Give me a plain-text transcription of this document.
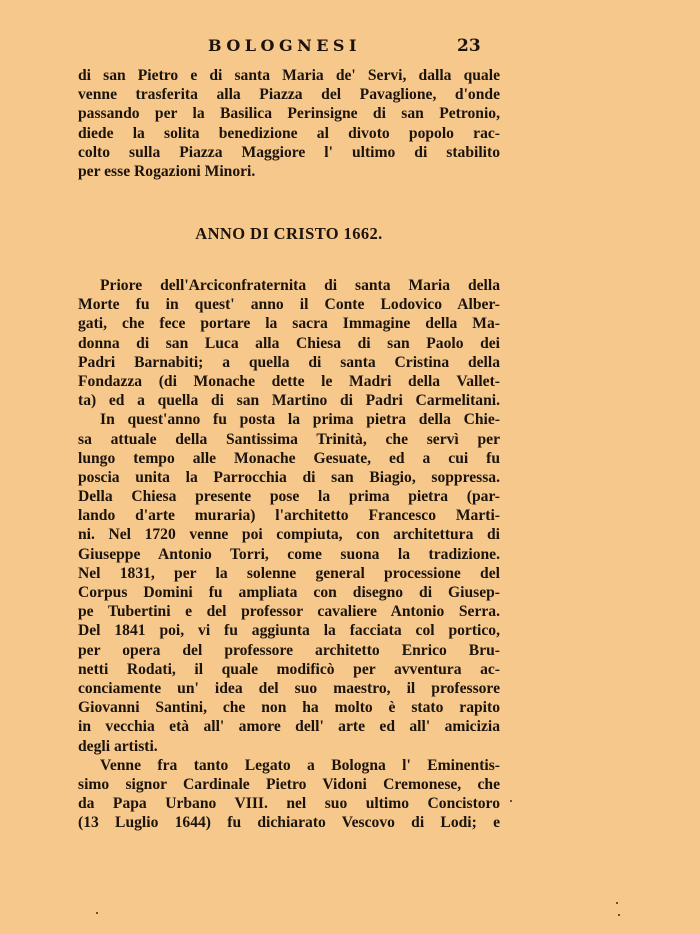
BOLOGNESI	23
di san Pietro e di santa Maria de' Servi, dalla quale
venne trasferita alla Piazza del Pavaglione, d'onde
passando per la Basilica Perinsigne di san Petronio,
diede la solita benedizione al divoto popolo rac-
colto sulla Piazza Maggiore l' ultimo di stabilito
per esse Rogazioni Minori.
ANNO DI CRISTO 1662.
Priore dell'Arciconfraternita di santa Maria della
Morte fu in quest' anno il Conte Lodovico Alber-
gati, che fece portare la sacra Immagine della Ma-
donna di san Luca alla Chiesa di san Paolo dei
Padri Barnabiti; a quella di santa Cristina della
Fondazza (di Monache dette le Madri della Vallet-
ta) ed a quella di san Martino di Padri Carmelitani.
In quest'anno fu posta la prima pietra della Chie-
sa attuale della Santissima Trinità, che servì per
lungo tempo alle Monache Gesuate, ed a cui fu
poscia unita la Parrocchia di san Biagio, soppressa.
Della Chiesa presente pose la prima pietra (par-
lando d'arte muraria) l'architetto Francesco Marti-
ni. Nel 1720 venne poi compiuta, con architettura di
Giuseppe Antonio Torri, come suona la tradizione.
Nel 1831, per la solenne general processione del
Corpus Domini fu ampliata con disegno di Giusep-
pe Tubertini e del professor cavaliere Antonio Serra.
Del 1841 poi, vi fu aggiunta la facciata col portico,
per opera del professore architetto Enrico Bru-
netti Rodati, il quale modificò per avventura ac-
conciamente un' idea del suo maestro, il professore
Giovanni Santini, che non ha molto è stato rapito
in vecchia età all' amore dell' arte ed all' amicizia
degli artisti.
Venne fra tanto Legato a Bologna l' Eminentis-
simo signor Cardinale Pietro Vidoni Cremonese, che
da Papa Urbano VIII. nel suo ultimo Concistoro
(13 Luglio 1644) fu dichiarato Vescovo di Lodi; e
